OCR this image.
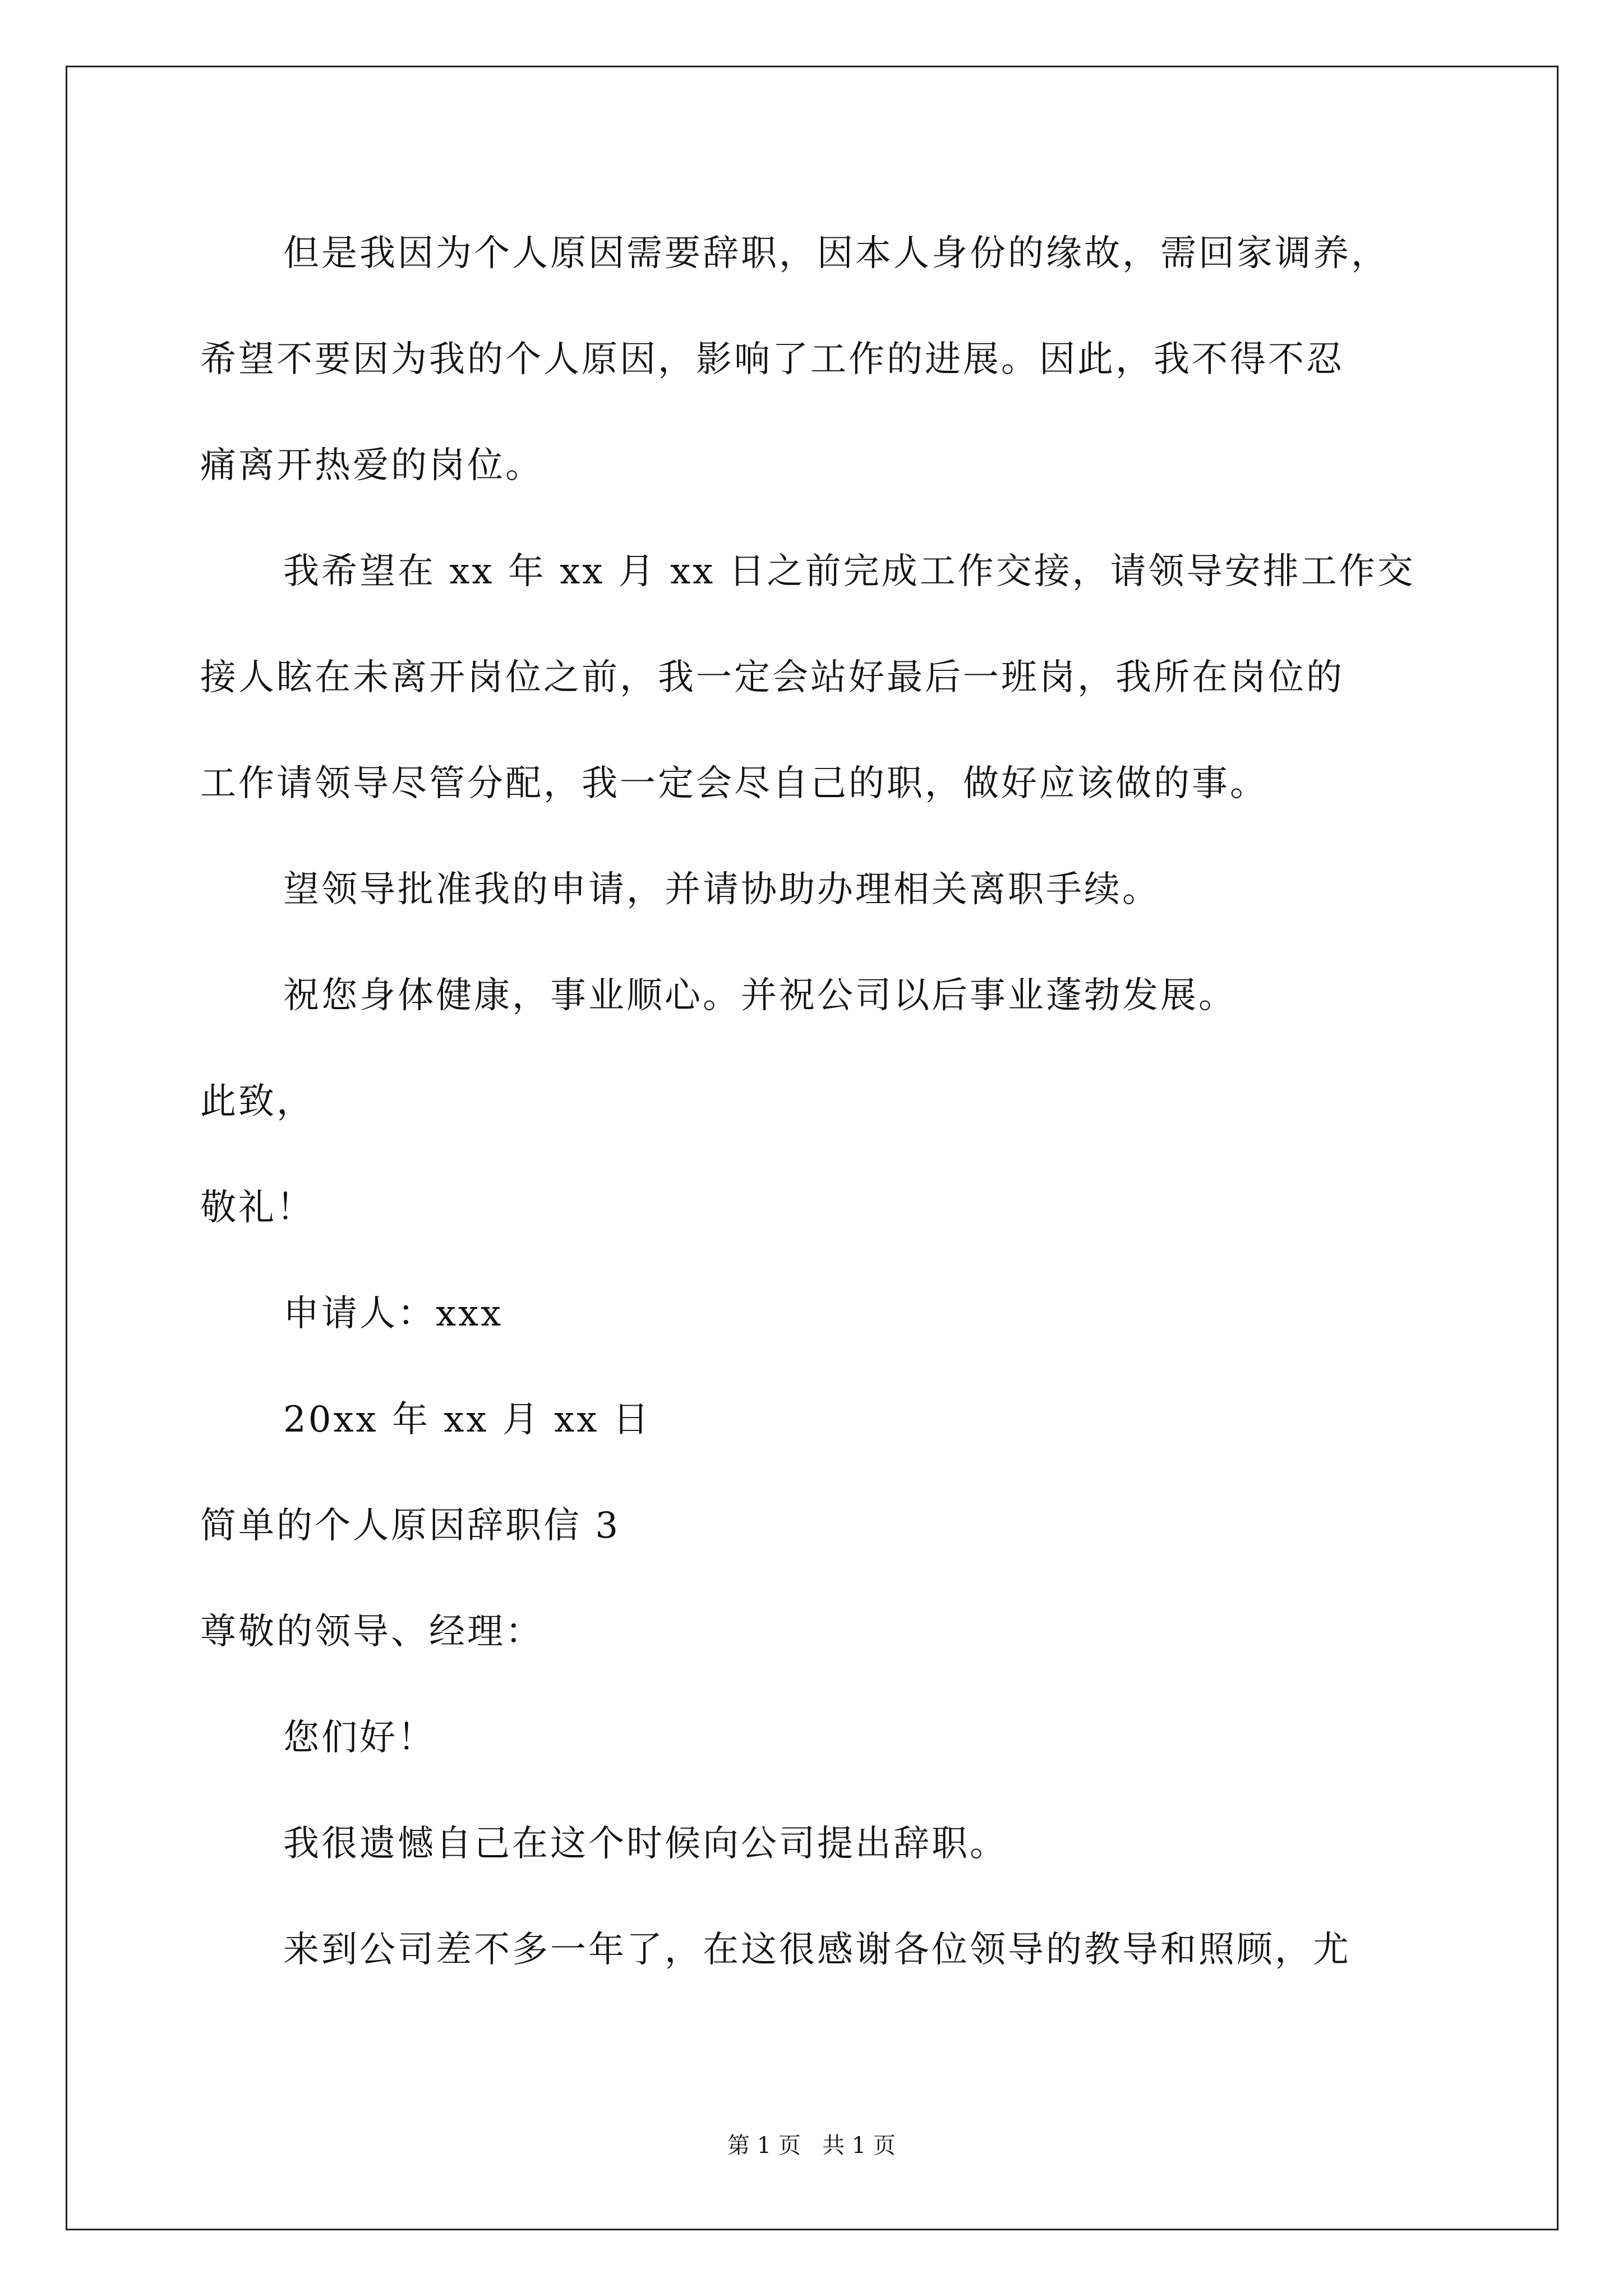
但是我因为个人原因需要辞职，因本人身份的缘故，需回家调养，
希望不要因为我的个人原因，影响了工作的进展。因此，我不得不忍
痛离开热爱的岗位。
我希望在 xx 年 xx 月 xx 日之前完成工作交接，请领导安排工作交
接人眩在未离开岗位之前，我一定会站好最后一班岗，我所在岗位的
工作请领导尽管分配，我一定会尽自己的职，做好应该做的事。
望领导批准我的申请，并请协助办理相关离职手续。
祝您身体健康，事业顺心。并祝公司以后事业蓬勃发展。
此致，
敬礼！
申请人：xxx
20xx 年 xx 月 xx 日
简单的个人原因辞职信 3
尊敬的领导、经理：
您们好！
我很遗憾自己在这个时候向公司提出辞职。
来到公司差不多一年了，在这很感谢各位领导的教导和照顾，尤
第 1 页   共 1 页
